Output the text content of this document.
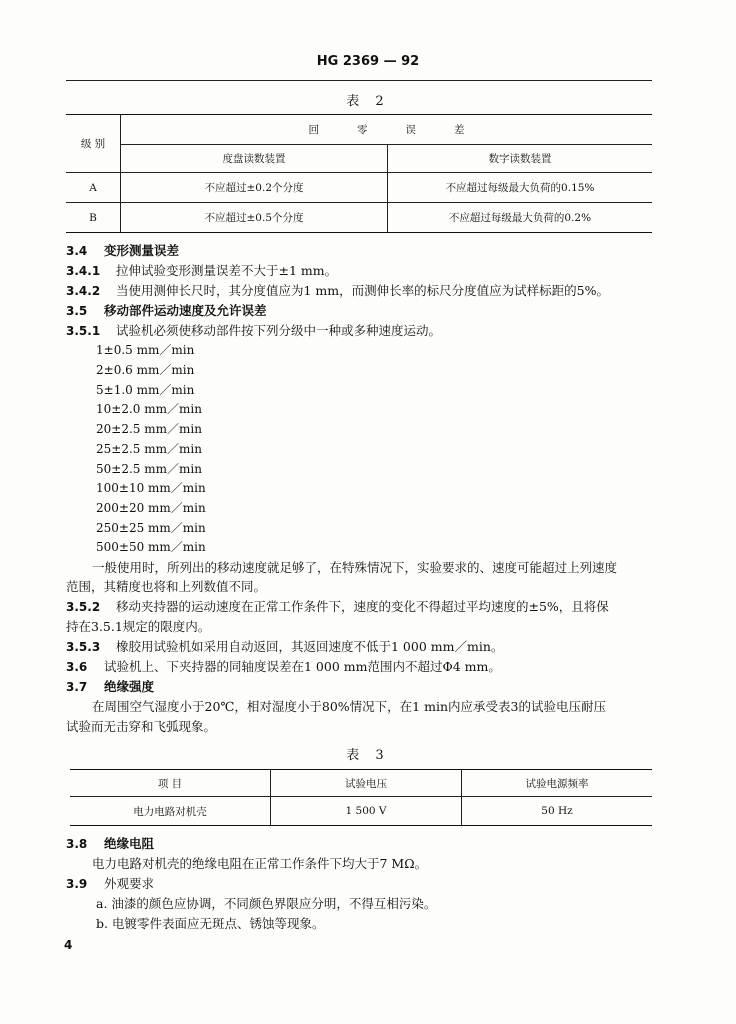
HG 2369 — 92
表 2
级 别	回零误差	
	度盘读数装置	数字读数装置
A	不应超过±0.2个分度	不应超过每级最大负荷的0.15%
B	不应超过±0.5个分度	不应超过每级最大负荷的0.2%
3.4 变形测量误差
3.4.1 拉伸试验变形测量误差不大于±1 mm。
3.4.2 当使用测伸长尺时，其分度值应为1 mm，而测伸长率的标尺分度值应为试样标距的5%。
3.5 移动部件运动速度及允许误差
3.5.1 试验机必须使移动部件按下列分级中一种或多种速度运动。
1±0.5 mm／min
2±0.6 mm／min
5±1.0 mm／min
10±2.0 mm／min
20±2.5 mm／min
25±2.5 mm／min
50±2.5 mm／min
100±10 mm／min
200±20 mm／min
250±25 mm／min
500±50 mm／min
一般使用时，所列出的移动速度就足够了，在特殊情况下，实验要求的、速度可能超过上列速度
范围，其精度也将和上列数值不同。
3.5.2 移动夹持器的运动速度在正常工作条件下，速度的变化不得超过平均速度的±5%，且将保
持在3.5.1规定的限度内。
3.5.3 橡胶用试验机如采用自动返回，其返回速度不低于1 000 mm／min。
3.6 试验机上、下夹持器的同轴度误差在1 000 mm范围内不超过Φ4 mm。
3.7 绝缘强度
在周围空气湿度小于20℃，相对湿度小于80%情况下，在1 min内应承受表3的试验电压耐压
试验而无击穿和飞弧现象。
表 3
项 目	试验电压	试验电源频率
电力电路对机壳	1 500 V	50 Hz
3.8 绝缘电阻
电力电路对机壳的绝缘电阻在正常工作条件下均大于7 MΩ。
3.9 外观要求
a. 油漆的颜色应协调，不同颜色界限应分明，不得互相污染。
b. 电镀零件表面应无斑点、锈蚀等现象。
4
